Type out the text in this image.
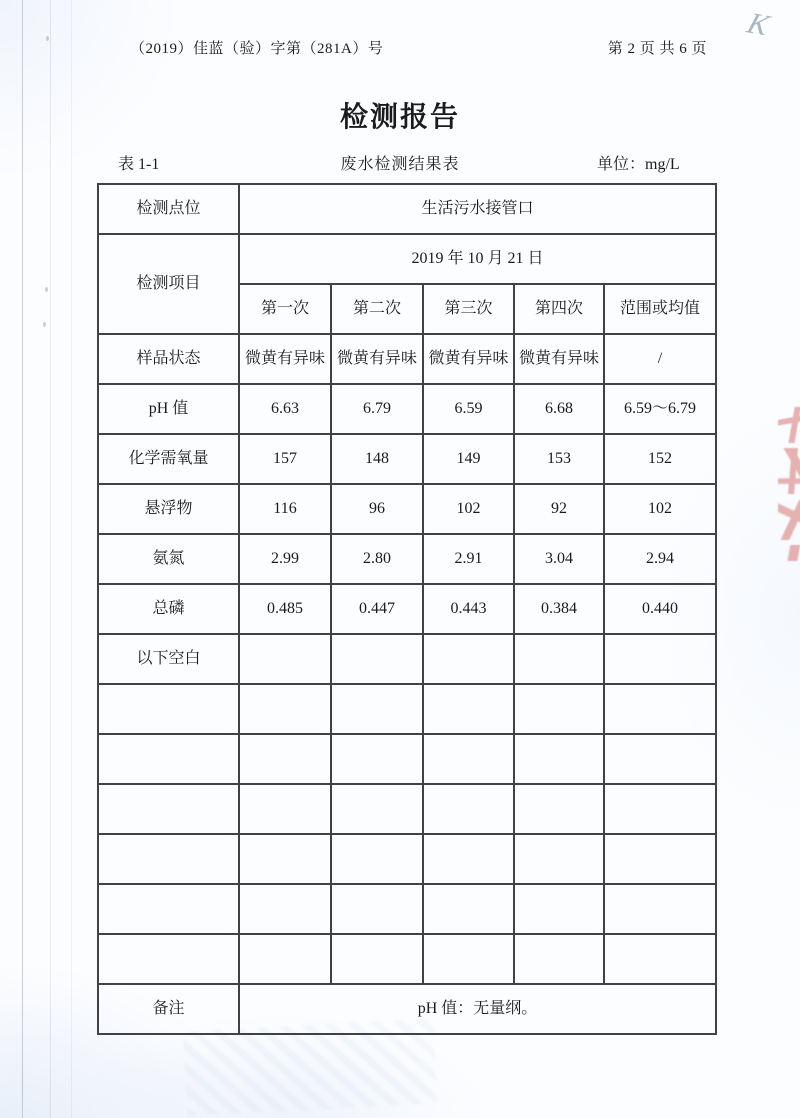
K
（2019）佳蓝（验）字第（281A）号	第 2 页 共 6 页
检测报告
废水检测结果表
表 1-1	单位：mg/L
检测点位	生活污水接管口				
检测项目	2019 年 10 月 21 日				
	第一次	第二次	第三次	第四次	范围或均值
样品状态	微黄有异味	微黄有异味	微黄有异味	微黄有异味	/
pH 值	6.63	6.79	6.59	6.68	6.59～6.79
化学需氧量	157	148	149	153	152
悬浮物	116	96	102	92	102
氨氮	2.99	2.80	2.91	3.04	2.94
总磷	0.485	0.447	0.443	0.384	0.440
以下空白					

备注	pH 值：无量纲。				
